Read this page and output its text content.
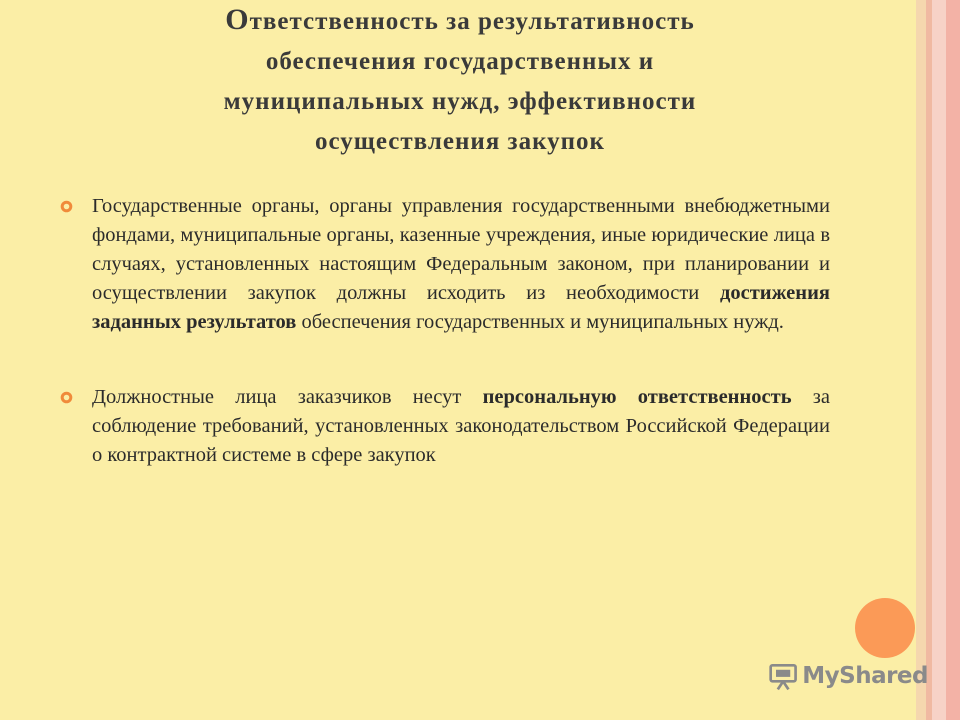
Ответственность за результативность
обеспечения государственных и
муниципальных нужд, эффективности
осуществления закупок
Государственные органы, органы управления государственными внебюджетными фондами, муниципальные органы, казенные учреждения, иные юридические лица в случаях, установленных настоящим Федеральным законом, при планировании и осуществлении закупок должны исходить из необходимости достижения заданных результатов обеспечения государственных и муниципальных нужд.
Должностные лица заказчиков несут персональную ответственность за соблюдение требований, установленных законодательством Российской Федерации о контрактной системе в сфере закупок
MyShared
